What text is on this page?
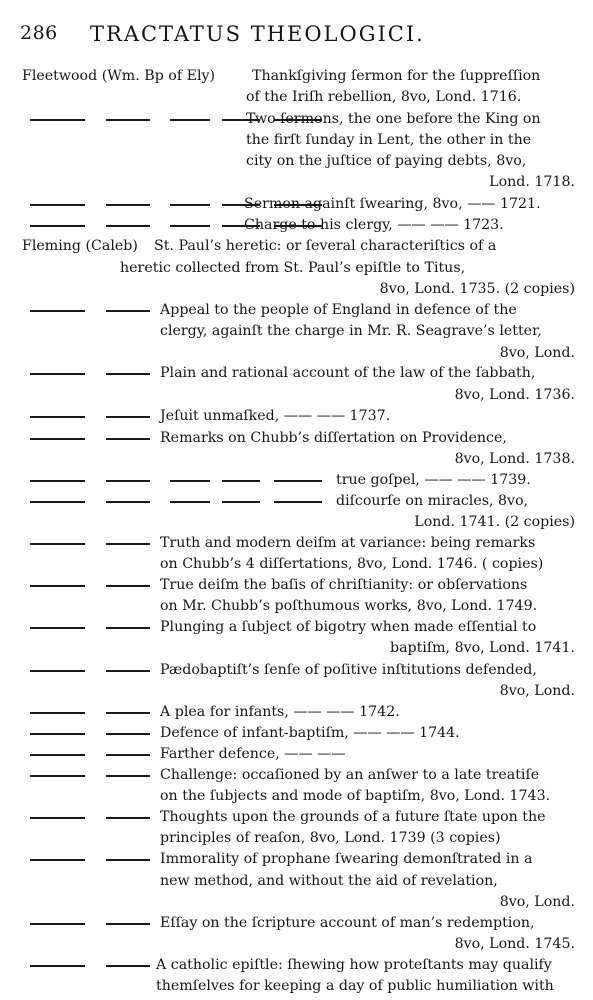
286 TRACTATUS THEOLOGICI.
Fleetwood (Wm. Bp of Ely)	Thankſgiving ſermon for the ſuppreſſion
of the Iriſh rebellion, 8vo, Lond. 1716.
Two ſermons, the one before the King on
the firſt ſunday in Lent, the other in the
city on the juſtice of paying debts, 8vo,
Lond. 1718.
Sermon againſt ſwearing, 8vo, —— 1721.
Charge to his clergy, —— —— 1723.
Fleming (Caleb) St. Paul’s heretic: or ſeveral characteriſtics of a
heretic collected from St. Paul’s epiſtle to Titus,
8vo, Lond. 1735. (2 copies)
Appeal to the people of England in defence of the
clergy, againſt the charge in Mr. R. Seagrave’s letter,
8vo, Lond.
Plain and rational account of the law of the ſabbath,
8vo, Lond. 1736.
Jeſuit unmaſked, —— —— 1737.
Remarks on Chubb’s diſſertation on Providence,
8vo, Lond. 1738.
true goſpel, —— —— 1739.
diſcourſe on miracles, 8vo,
Lond. 1741. (2 copies)
Truth and modern deiſm at variance: being remarks
on Chubb’s 4 diſſertations, 8vo, Lond. 1746. ( copies)
True deiſm the baſis of chriſtianity: or obſervations
on Mr. Chubb’s poſthumous works, 8vo, Lond. 1749.
Plunging a ſubject of bigotry when made eſſential to
baptiſm, 8vo, Lond. 1741.
Pædobaptiſt’s ſenſe of poſitive inſtitutions defended,
8vo, Lond.
A plea for infants, —— —— 1742.
Defence of infant-baptiſm, —— —— 1744.
Farther defence, —— ——
Challenge: occaſioned by an anſwer to a late treatiſe
on the ſubjects and mode of baptiſm, 8vo, Lond. 1743.
Thoughts upon the grounds of a future ſtate upon the
principles of reaſon, 8vo, Lond. 1739 (3 copies)
Immorality of prophane ſwearing demonſtrated in a
new method, and without the aid of revelation,
8vo, Lond.
Eſſay on the ſcripture account of man’s redemption,
8vo, Lond. 1745.
A catholic epiſtle: ſhewing how proteſtants may qualify
themſelves for keeping a day of public humiliation with
